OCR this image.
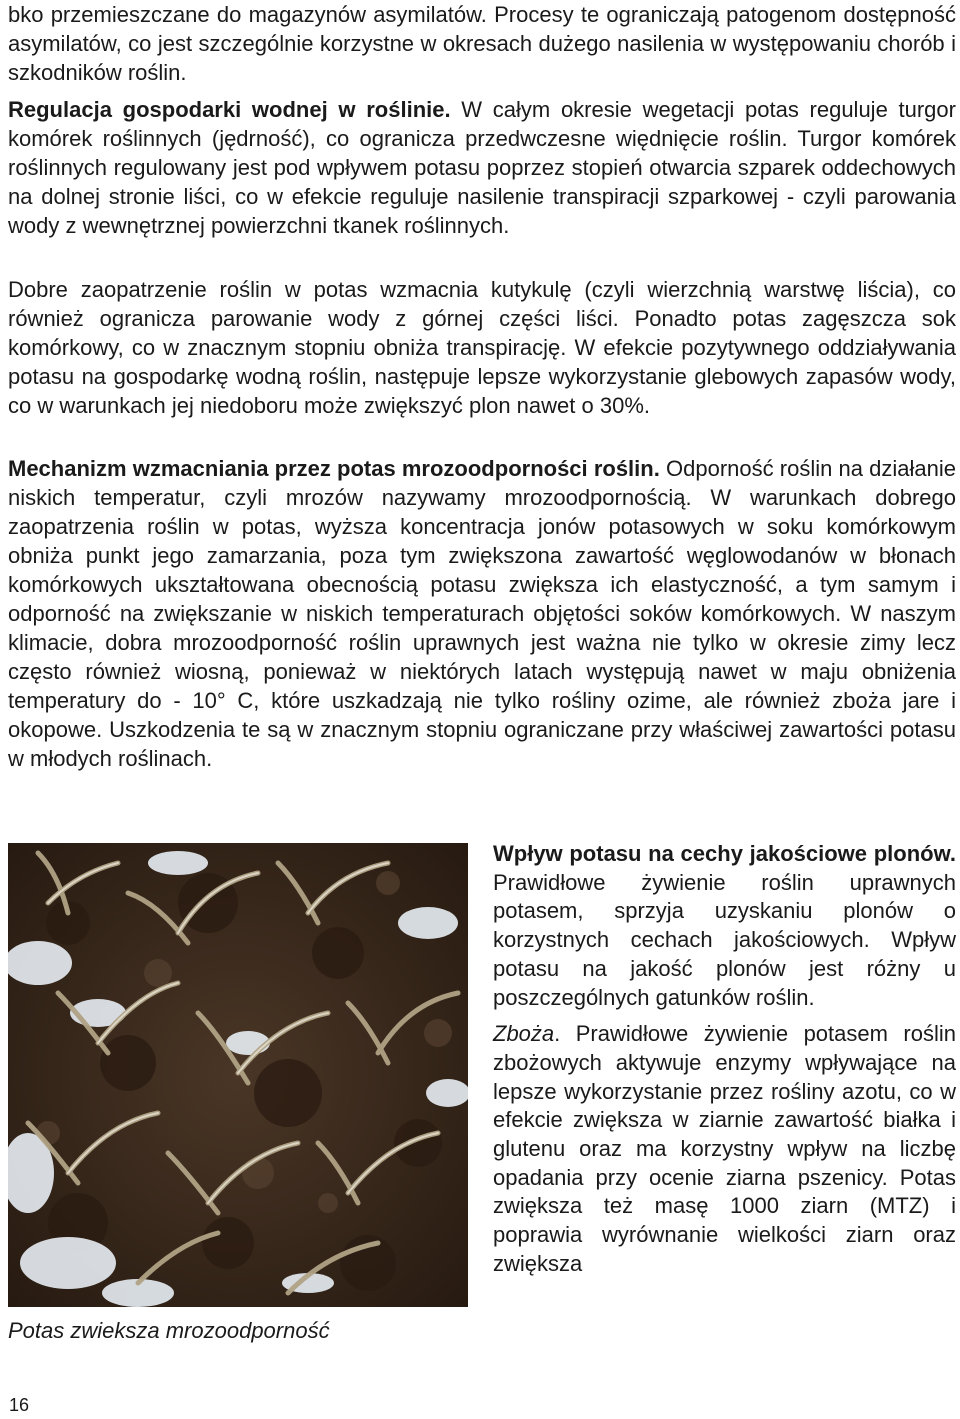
bko przemieszczane do magazynów asymilatów. Procesy te ograniczają patogenom dostępność asymilatów, co jest szczególnie korzystne w okresach dużego nasilenia w występowaniu chorób i szkodników roślin.

Regulacja gospodarki wodnej w roślinie. W całym okresie wegetacji potas reguluje turgor komórek roślinnych (jędrność), co ogranicza przedwczesne więdnięcie roślin. Turgor komórek roślinnych regulowany jest pod wpływem potasu poprzez stopień otwarcia szparek oddechowych na dolnej stronie liści, co w efekcie reguluje nasilenie transpiracji szparkowej - czyli parowania wody z wewnętrznej powierzchni tkanek roślinnych.

Dobre zaopatrzenie roślin w potas wzmacnia kutykulę (czyli wierzchnią warstwę liścia), co również ogranicza parowanie wody z górnej części liści. Ponadto potas zagęszcza sok komórkowy, co w znacznym stopniu obniża transpirację. W efekcie pozytywnego oddziaływania potasu na gospodarkę wodną roślin, następuje lepsze wykorzystanie glebowych zapasów wody, co w warunkach jej niedoboru może zwiększyć plon nawet o 30%.

Mechanizm wzmacniania przez potas mrozoodporności roślin. Odporność roślin na działanie niskich temperatur, czyli mrozów nazywamy mrozoodpornością. W warunkach dobrego zaopatrzenia roślin w potas, wyższa koncentracja jonów potasowych w soku komórkowym obniża punkt jego zamarzania, poza tym zwiększona zawartość węglowodanów w błonach komórkowych ukształtowana obecnością potasu zwiększa ich elastyczność, a tym samym i odporność na zwiększanie w niskich temperaturach objętości soków komórkowych. W naszym klimacie, dobra mrozoodporność roślin uprawnych jest ważna nie tylko w okresie zimy lecz często również wiosną, ponieważ w niektórych latach występują nawet w maju obniżenia temperatury do - 10° C, które uszkadzają nie tylko rośliny ozime, ale również zboża jare i okopowe. Uszkodzenia te są w znacznym stopniu ograniczane przy właściwej zawartości potasu w młodych roślinach.

Potas zwieksza mrozoodporność

Wpływ potasu na cechy jakościowe plonów. Prawidłowe żywienie roślin uprawnych potasem, sprzyja uzyskaniu plonów o korzystnych cechach jakościowych. Wpływ potasu na jakość plonów jest różny u poszczególnych gatunków roślin.

Zboża. Prawidłowe żywienie potasem roślin zbożowych aktywuje enzymy wpływające na lepsze wykorzystanie przez rośliny azotu, co w efekcie zwiększa w ziarnie zawartość białka i glutenu oraz ma korzystny wpływ na liczbę opadania przy ocenie ziarna pszenicy. Potas zwiększa też masę 1000 ziarn (MTZ) i poprawia wyrównanie wielkości ziarn oraz zwiększa

16
